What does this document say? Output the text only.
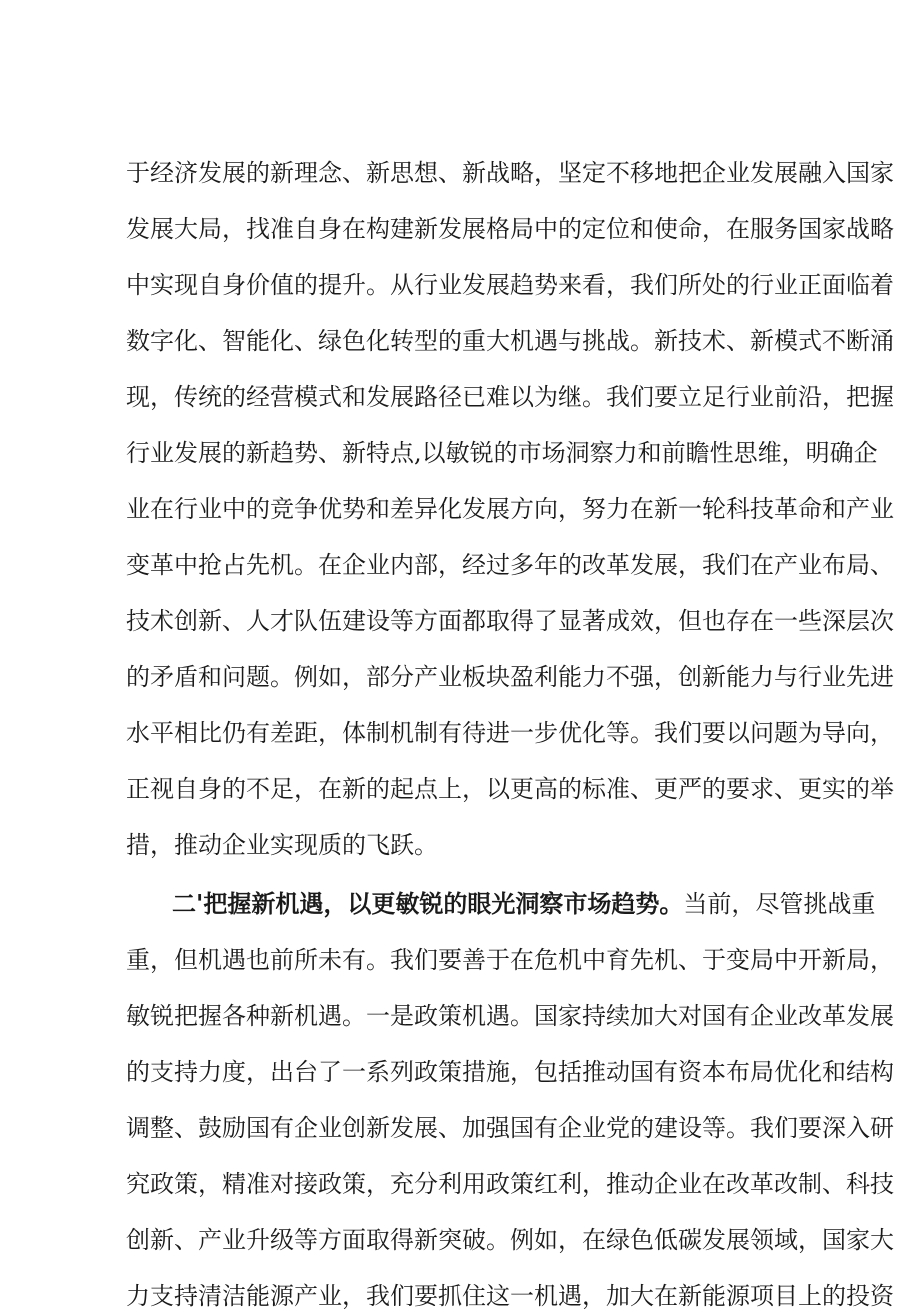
于经济发展的新理念、新思想、新战略，坚定不移地把企业发展融入国家
发展大局，找准自身在构建新发展格局中的定位和使命，在服务国家战略
中实现自身价值的提升。从行业发展趋势来看，我们所处的行业正面临着
数字化、智能化、绿色化转型的重大机遇与挑战。新技术、新模式不断涌
现，传统的经营模式和发展路径已难以为继。我们要立足行业前沿，把握
行业发展的新趋势、新特点,以敏锐的市场洞察力和前瞻性思维，明确企
业在行业中的竞争优势和差异化发展方向，努力在新一轮科技革命和产业
变革中抢占先机。在企业内部，经过多年的改革发展，我们在产业布局、
技术创新、人才队伍建设等方面都取得了显著成效，但也存在一些深层次
的矛盾和问题。例如，部分产业板块盈利能力不强，创新能力与行业先进
水平相比仍有差距，体制机制有待进一步优化等。我们要以问题为导向，
正视自身的不足，在新的起点上，以更高的标准、更严的要求、更实的举
措，推动企业实现质的飞跃。
二'把握新机遇，以更敏锐的眼光洞察市场趋势。当前，尽管挑战重
重，但机遇也前所未有。我们要善于在危机中育先机、于变局中开新局，
敏锐把握各种新机遇。一是政策机遇。国家持续加大对国有企业改革发展
的支持力度，出台了一系列政策措施，包括推动国有资本布局优化和结构
调整、鼓励国有企业创新发展、加强国有企业党的建设等。我们要深入研
究政策，精准对接政策，充分利用政策红利，推动企业在改革改制、科技
创新、产业升级等方面取得新突破。例如，在绿色低碳发展领域，国家大
力支持清洁能源产业，我们要抓住这一机遇，加大在新能源项目上的投资
